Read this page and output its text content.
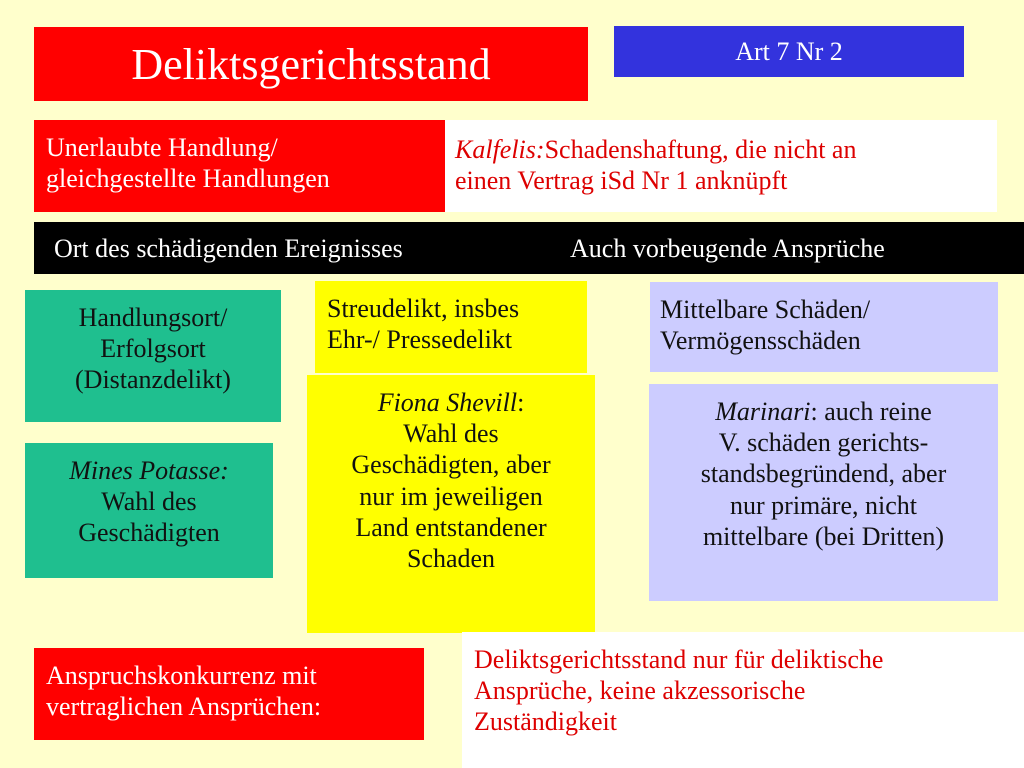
Deliktsgerichtsstand	Art 7 Nr 2
Unerlaubte Handlung/
gleichgestellte Handlungen
Kalfelis:Schadenshaftung, die nicht an
einen Vertrag iSd Nr 1 anknüpft
Ort des schädigenden Ereignisses	Auch vorbeugende Ansprüche
Handlungsort/
Erfolgsort
(Distanzdelikt)
Mines Potasse:
Wahl des
Geschädigten
Streudelikt, insbes
Ehr-/ Pressedelikt
Fiona Shevill:
Wahl des
Geschädigten, aber
nur im jeweiligen
Land entstandener
Schaden
Mittelbare Schäden/
Vermögensschäden
Marinari: auch reine
V. schäden gerichts-
standsbegründend, aber
nur primäre, nicht
mittelbare (bei Dritten)
Anspruchskonkurrenz mit
vertraglichen Ansprüchen:
Deliktsgerichtsstand nur für deliktische
Ansprüche, keine akzessorische
Zuständigkeit
